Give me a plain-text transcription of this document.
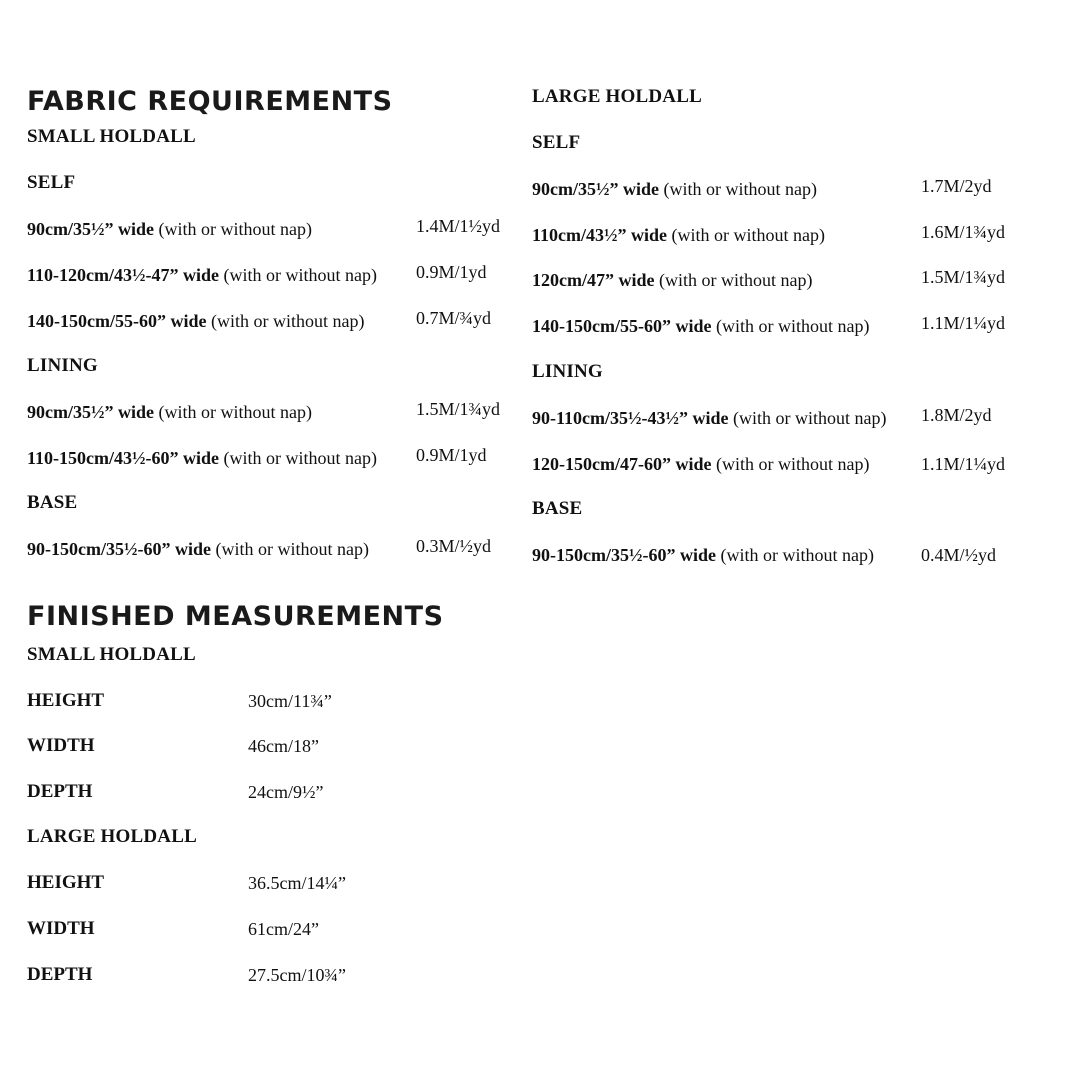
FABRIC REQUIREMENTS
SMALL HOLDALL
SELF
90cm/35½” wide (with or without nap)	1.4M/1½yd
110-120cm/43½-47” wide (with or without nap) 0.9M/1yd
140-150cm/55-60” wide (with or without nap)	0.7M/¾yd
LINING
90cm/35½” wide (with or without nap)	1.5M/1¾yd
110-150cm/43½-60” wide (with or without nap) 0.9M/1yd
BASE
90-150cm/35½-60” wide (with or without nap)	0.3M/½yd
LARGE HOLDALL
SELF
90cm/35½” wide (with or without nap)	1.7M/2yd
110cm/43½” wide (with or without nap)	1.6M/1¾yd
120cm/47” wide (with or without nap)	1.5M/1¾yd
140-150cm/55-60” wide (with or without nap)	1.1M/1¼yd
LINING
90-110cm/35½-43½” wide (with or without nap) 1.8M/2yd
120-150cm/47-60” wide (with or without nap)	1.1M/1¼yd
BASE
90-150cm/35½-60” wide (with or without nap)	0.4M/½yd
FINISHED MEASUREMENTS
SMALL HOLDALL
HEIGHT	30cm/11¾”
WIDTH	46cm/18”
DEPTH	24cm/9½”
LARGE HOLDALL
HEIGHT	36.5cm/14¼”
WIDTH	61cm/24”
DEPTH	27.5cm/10¾”
